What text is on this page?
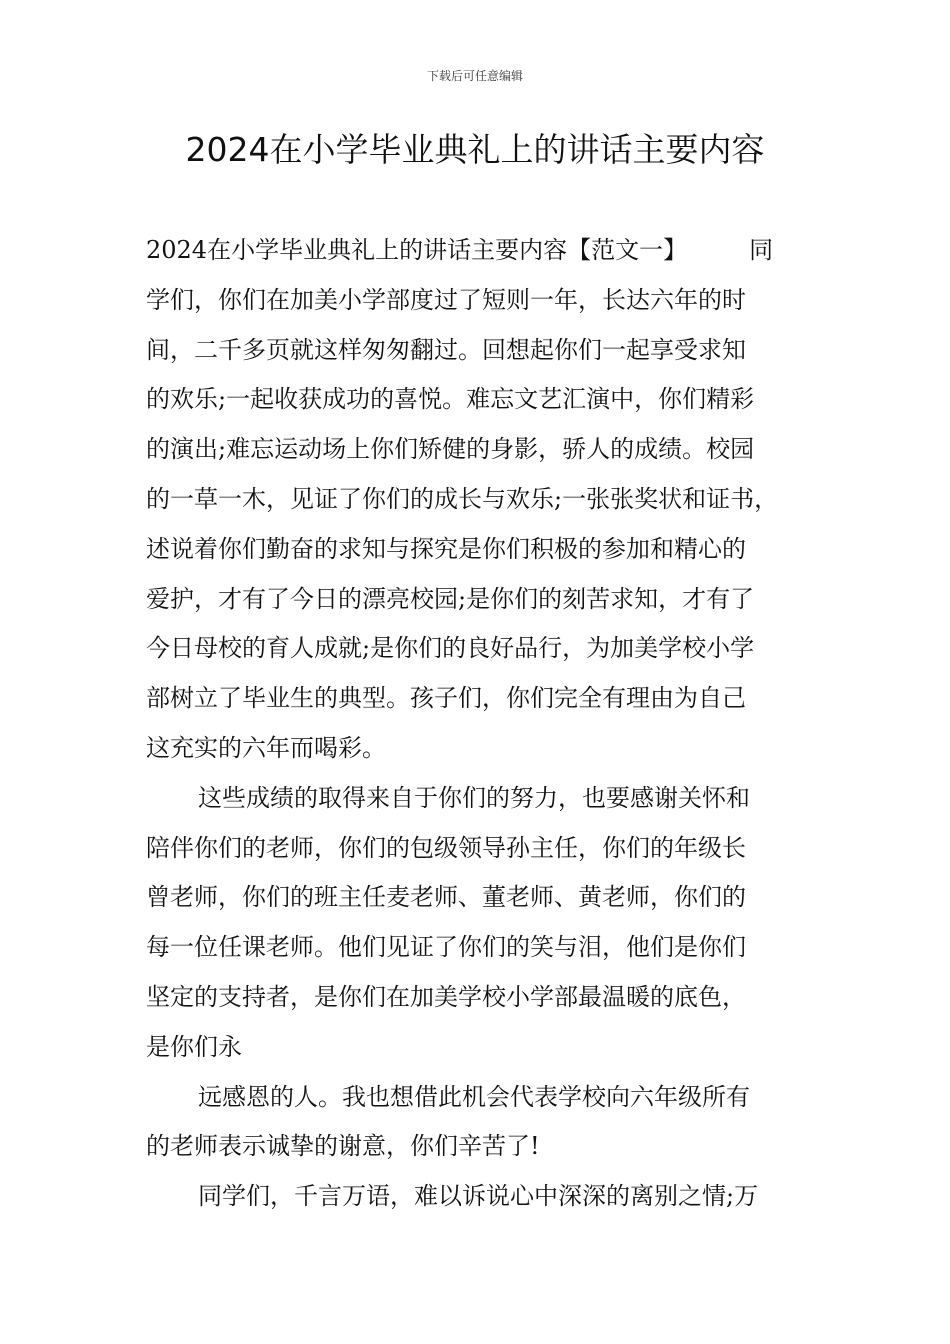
下载后可任意编辑
2024在小学毕业典礼上的讲话主要内容
2024在小学毕业典礼上的讲话主要内容【范文一】	同
学们，你们在加美小学部度过了短则一年，长达六年的时
间，二千多页就这样匆匆翻过。回想起你们一起享受求知
的欢乐;一起收获成功的喜悦。难忘文艺汇演中，你们精彩
的演出;难忘运动场上你们矫健的身影，骄人的成绩。校园
的一草一木，见证了你们的成长与欢乐;一张张奖状和证书，
述说着你们勤奋的求知与探究是你们积极的参加和精心的
爱护，才有了今日的漂亮校园;是你们的刻苦求知，才有了
今日母校的育人成就;是你们的良好品行，为加美学校小学
部树立了毕业生的典型。孩子们，你们完全有理由为自己
这充实的六年而喝彩。
这些成绩的取得来自于你们的努力，也要感谢关怀和
陪伴你们的老师，你们的包级领导孙主任，你们的年级长
曾老师，你们的班主任麦老师、董老师、黄老师，你们的
每一位任课老师。他们见证了你们的笑与泪，他们是你们
坚定的支持者，是你们在加美学校小学部最温暖的底色，
是你们永
远感恩的人。我也想借此机会代表学校向六年级所有
的老师表示诚挚的谢意，你们辛苦了!
同学们，千言万语，难以诉说心中深深的离别之情;万
